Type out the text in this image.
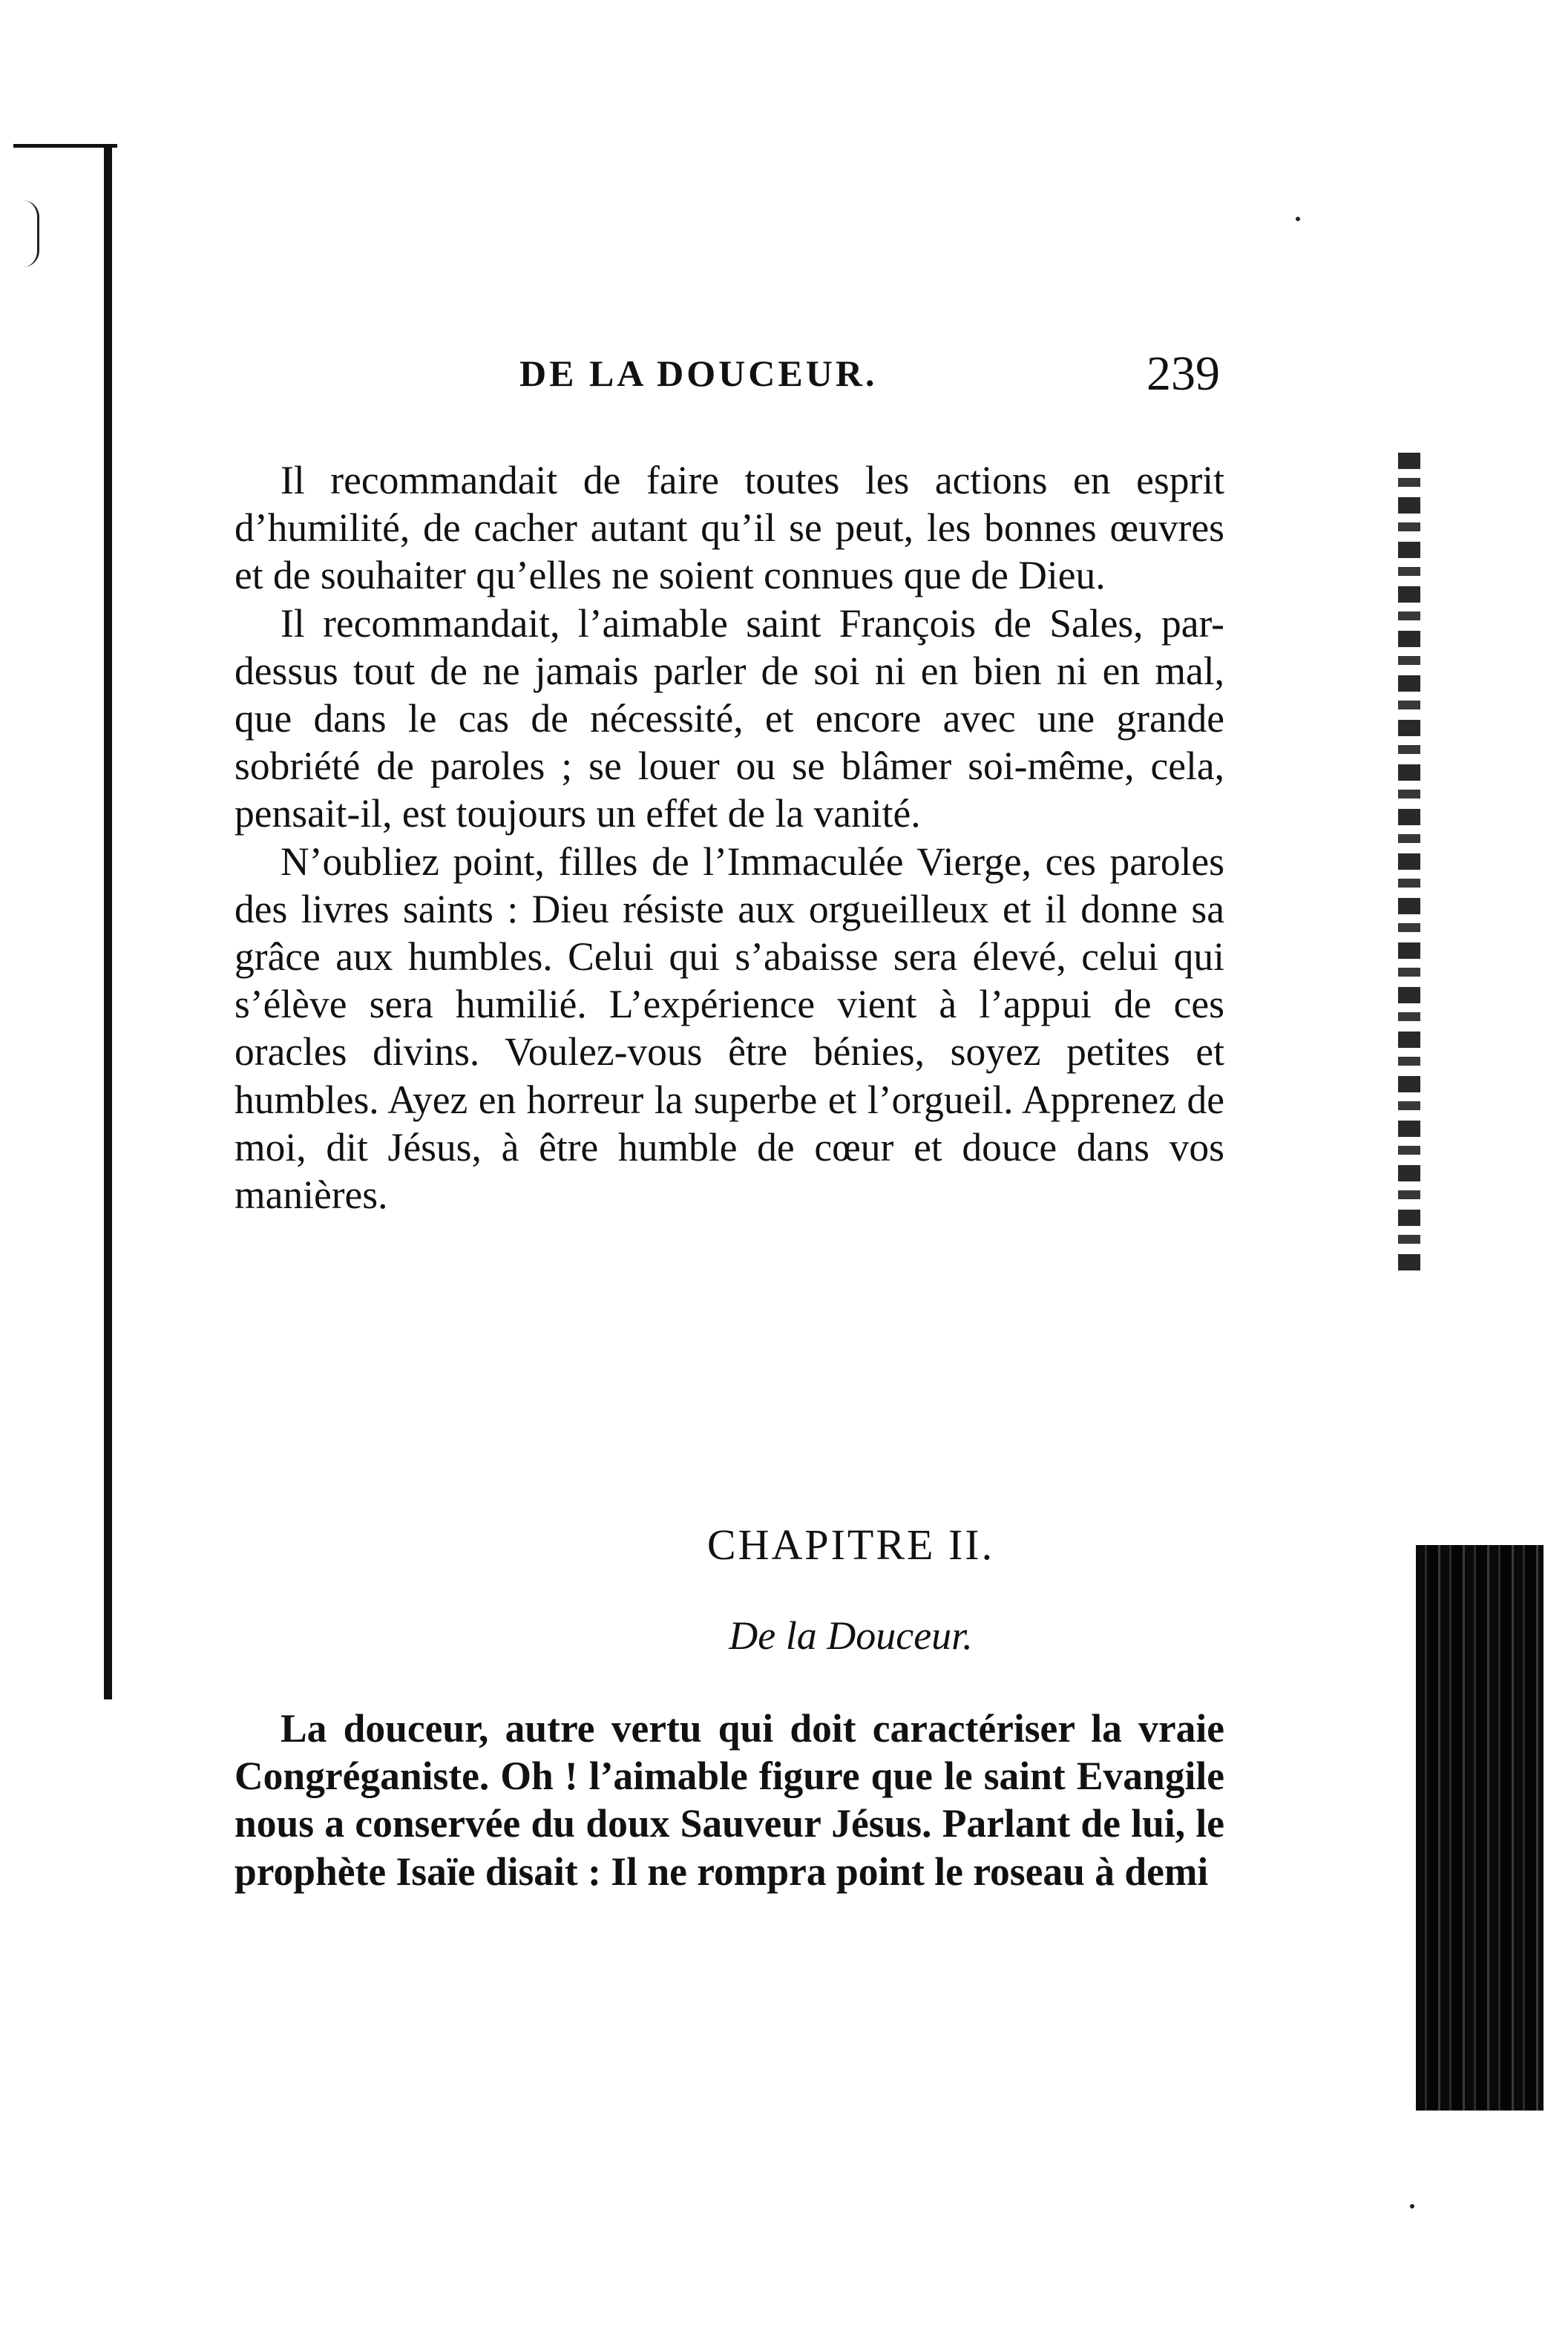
DE LA DOUCEUR.	239

Il recommandait de faire toutes les actions en esprit d’humilité, de cacher autant qu’il se peut, les bonnes œuvres et de souhaiter qu’elles ne soient connues que de Dieu.

Il recommandait, l’aimable saint François de Sales, par-dessus tout de ne jamais parler de soi ni en bien ni en mal, que dans le cas de nécessité, et encore avec une grande sobriété de paroles ; se louer ou se blâmer soi-même, cela, pensait-il, est toujours un effet de la vanité.

N’oubliez point, filles de l’Immaculée Vierge, ces paroles des livres saints : Dieu résiste aux orgueilleux et il donne sa grâce aux humbles. Celui qui s’abaisse sera élevé, celui qui s’élève sera humilié. L’expérience vient à l’appui de ces oracles divins. Voulez-vous être bénies, soyez petites et humbles. Ayez en horreur la superbe et l’orgueil. Apprenez de moi, dit Jésus, à être humble de cœur et douce dans vos manières.

CHAPITRE II.
De la Douceur.

La douceur, autre vertu qui doit caractériser la vraie Congréganiste. Oh ! l’aimable figure que le saint Evangile nous a conservée du doux Sauveur Jésus. Parlant de lui, le prophète Isaïe disait : Il ne rompra point le roseau à demi
